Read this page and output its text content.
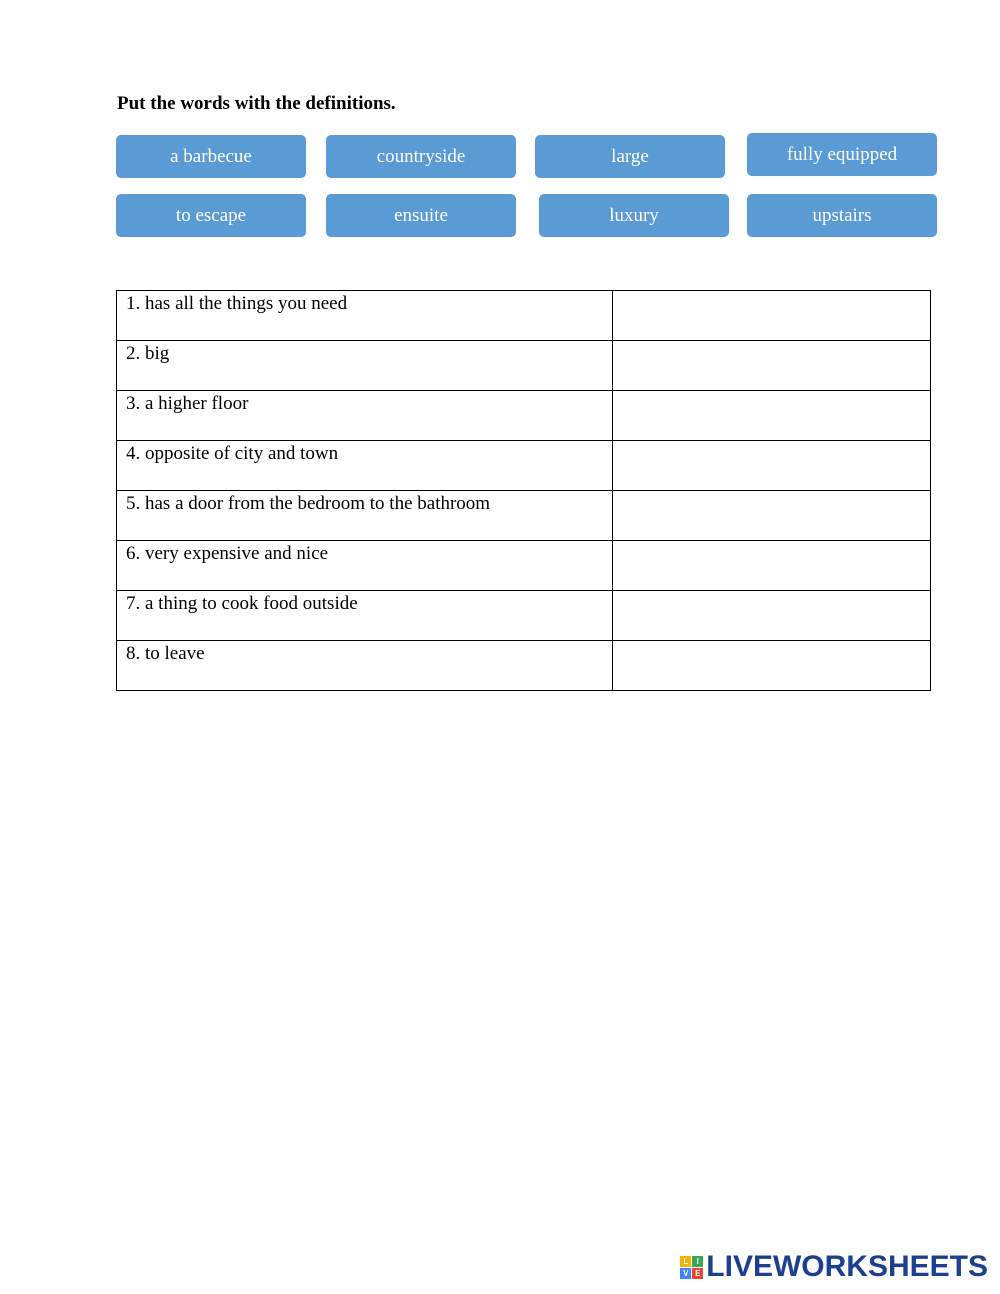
Put the words with the definitions.
a barbecue	countryside	large	fully equipped
to escape	ensuite	luxury	upstairs
1. has all the things you need	
2. big	
3. a higher floor	
4. opposite of city and town	
5. has a door from the bedroom to the bathroom	
6. very expensive and nice	
7. a thing to cook food outside	
8. to leave	
L	I
V E LIVEWORKSHEETS
